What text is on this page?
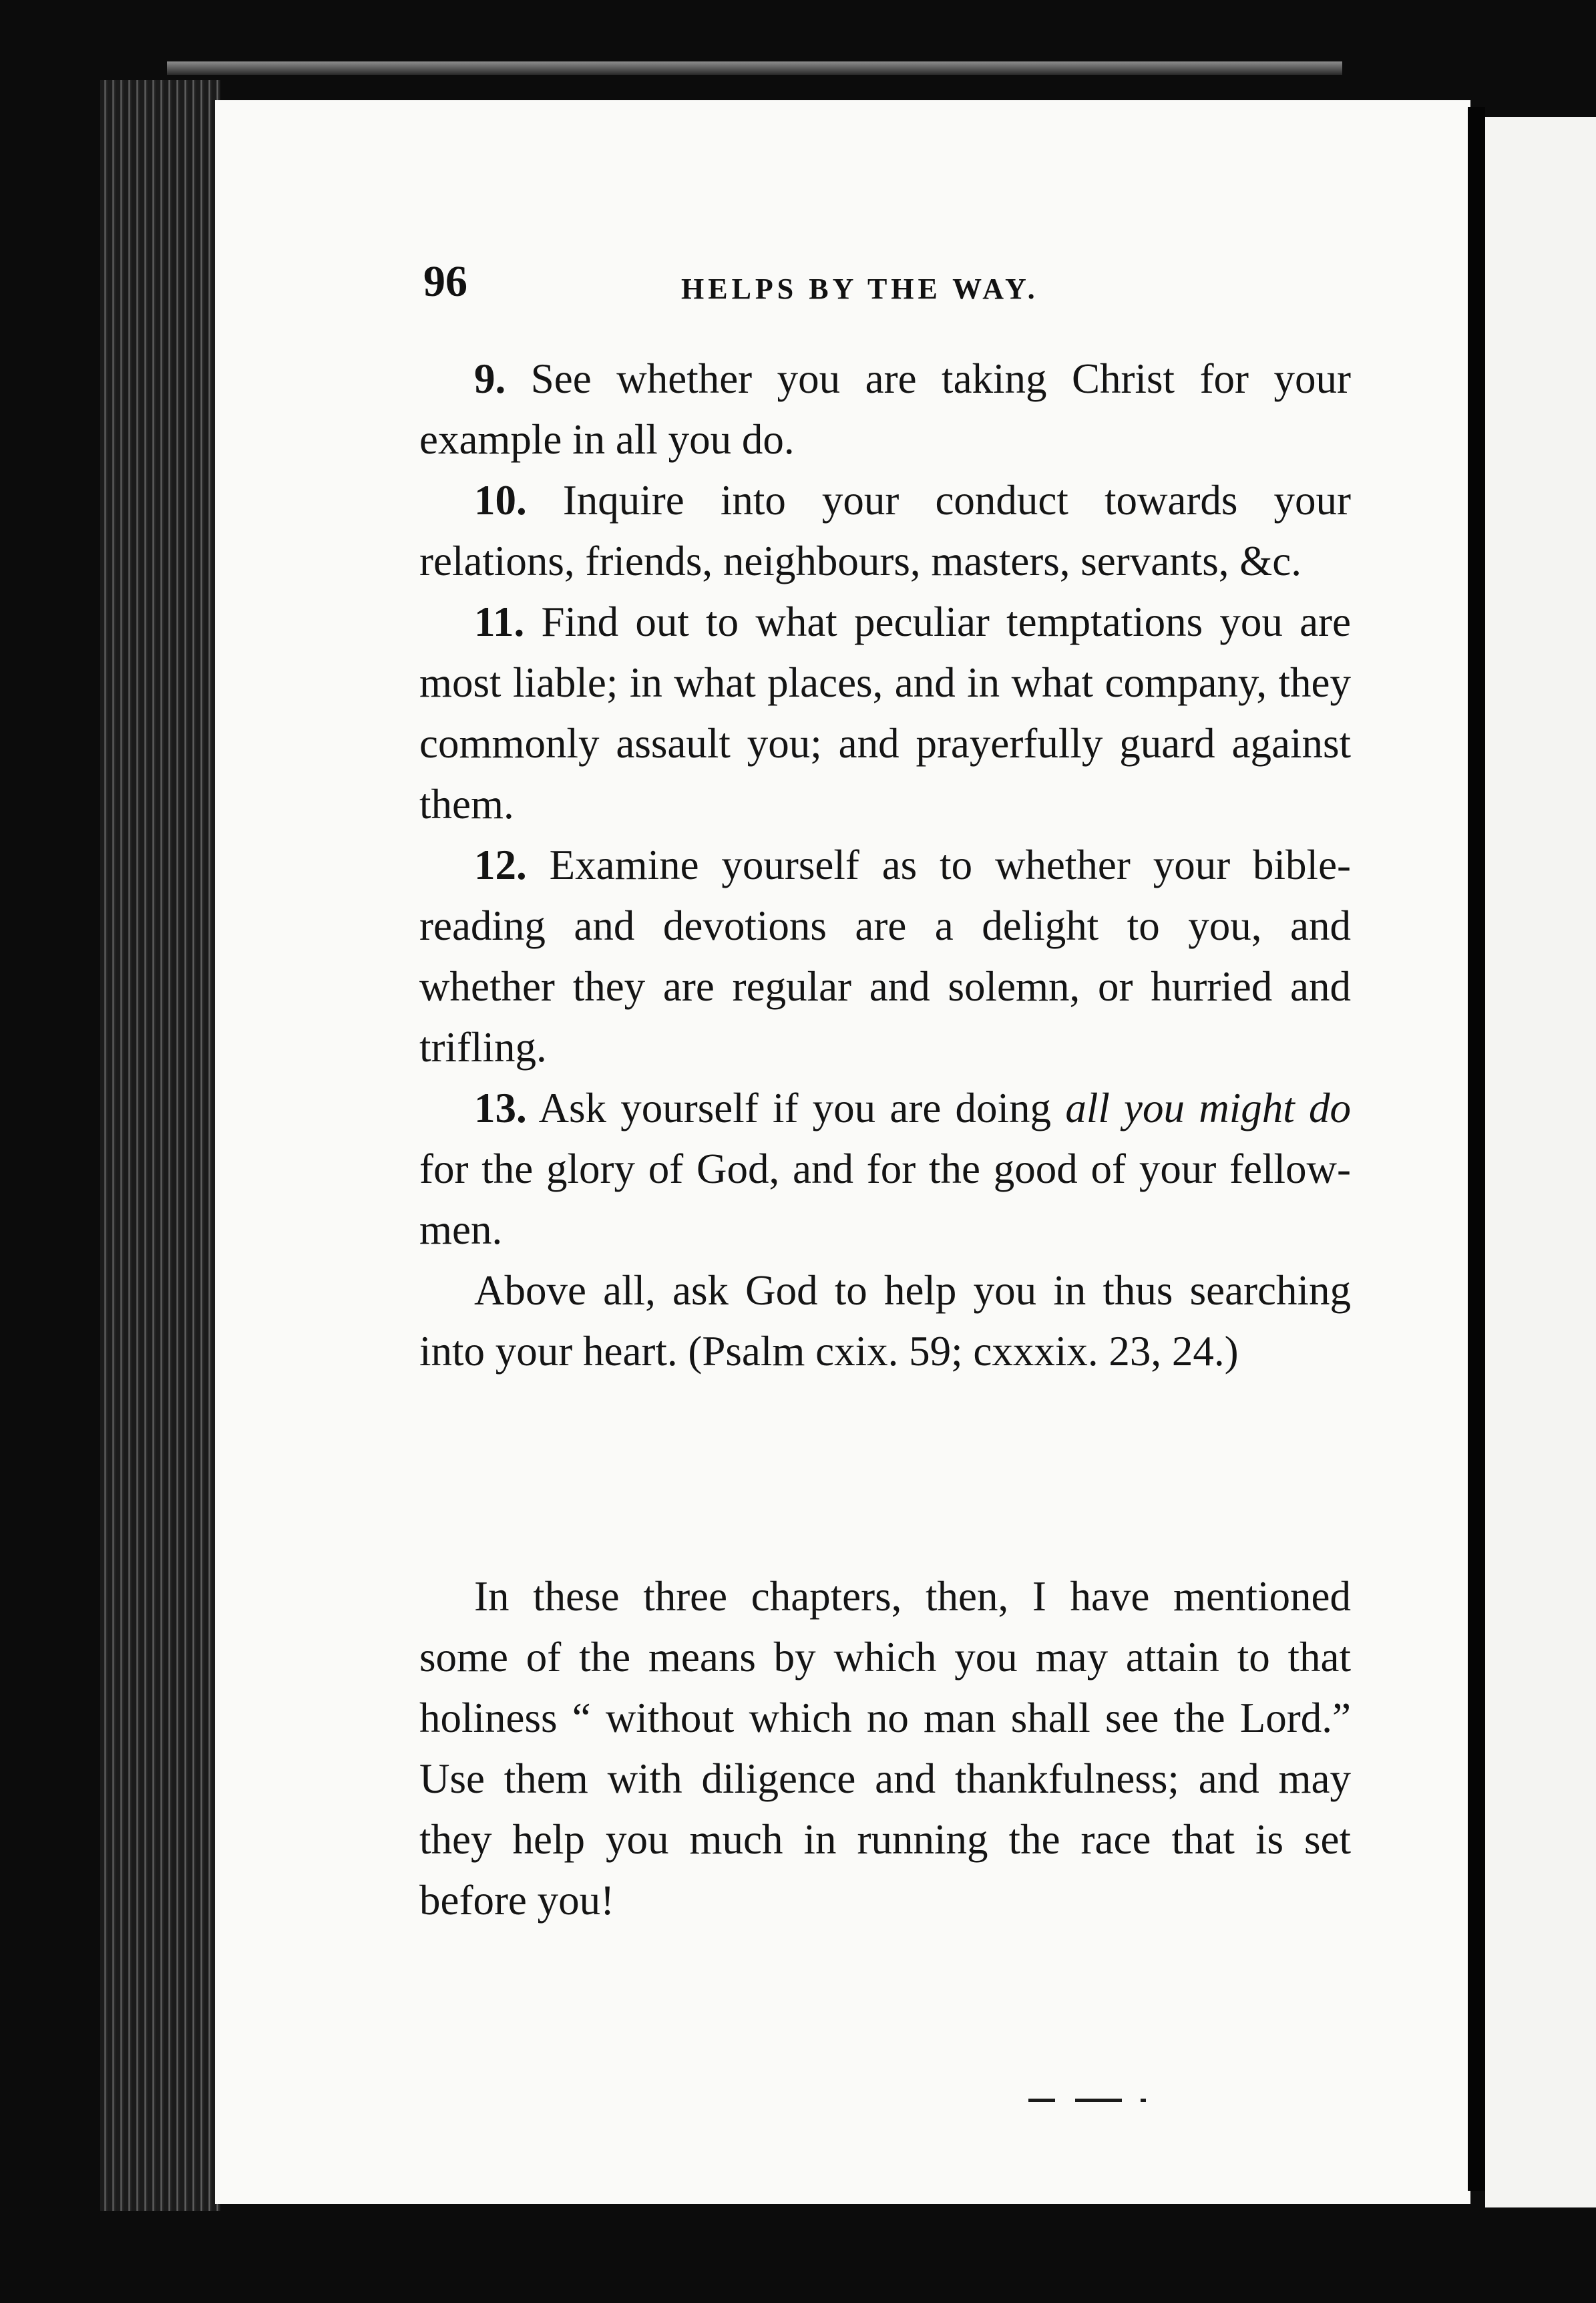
96	HELPS BY THE WAY.

9. See whether you are taking Christ for your example in all you do.

10. Inquire into your conduct towards your relations, friends, neighbours, masters, servants, &c.

11. Find out to what peculiar temptations you are most liable; in what places, and in what company, they commonly assault you; and prayerfully guard against them.

12. Examine yourself as to whether your bible-reading and devotions are a delight to you, and whether they are regular and solemn, or hurried and trifling.

13. Ask yourself if you are doing all you might do for the glory of God, and for the good of your fellow-men.

Above all, ask God to help you in thus searching into your heart. (Psalm cxix. 59; cxxxix. 23, 24.)

In these three chapters, then, I have mentioned some of the means by which you may attain to that holiness “ without which no man shall see the Lord.” Use them with diligence and thankfulness; and may they help you much in running the race that is set before you!
